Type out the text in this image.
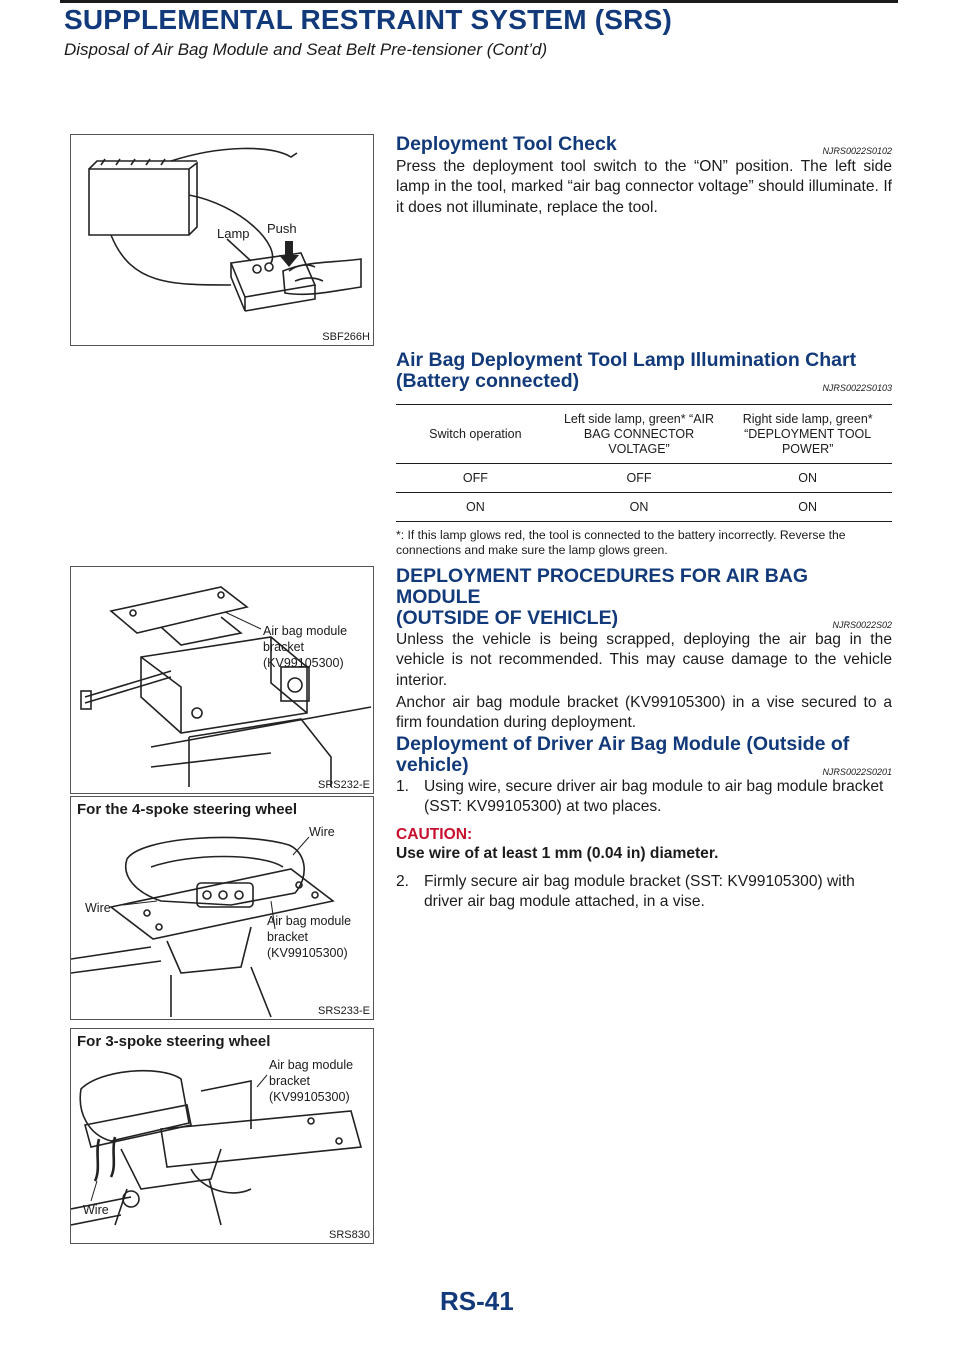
SUPPLEMENTAL RESTRAINT SYSTEM (SRS)
Disposal of Air Bag Module and Seat Belt Pre-tensioner (Cont’d)
Lamp Push
SBF266H
Air bag module
bracket
(KV99105300)
SRS232-E
For the 4-spoke steering wheel
Wire
Wire
Air bag module
bracket
(KV99105300)
SRS233-E
For 3-spoke steering wheel
Air bag module
bracket
(KV99105300)
Wire
SRS830
Deployment Tool Check	NJRS0022S0102

Press the deployment tool switch to the “ON” position. The left side lamp in the tool, marked “air bag connector voltage” should illuminate. If it does not illuminate, replace the tool.

Air Bag Deployment Tool Lamp Illumination Chart
(Battery connected)	NJRS0022S0103
Switch operation	Left side lamp, green* “AIR BAG CONNECTOR VOLTAGE”	Right side lamp, green* “DEPLOYMENT TOOL POWER”
OFF	OFF	ON
ON	ON	ON
*: If this lamp glows red, the tool is connected to the battery incorrectly. Reverse the connections and make sure the lamp glows green.
DEPLOYMENT PROCEDURES FOR AIR BAG MODULE
(OUTSIDE OF VEHICLE)	NJRS0022S02

Unless the vehicle is being scrapped, deploying the air bag in the vehicle is not recommended. This may cause damage to the vehicle interior.

Anchor air bag module bracket (KV99105300) in a vise secured to a firm foundation during deployment.

Deployment of Driver Air Bag Module (Outside of
vehicle)	NJRS0022S0201
1. Using wire, secure driver air bag module to air bag module bracket (SST: KV99105300) at two places.
CAUTION:
Use wire of at least 1 mm (0.04 in) diameter.
2. Firmly secure air bag module bracket (SST: KV99105300) with driver air bag module attached, in a vise.
RS-41
